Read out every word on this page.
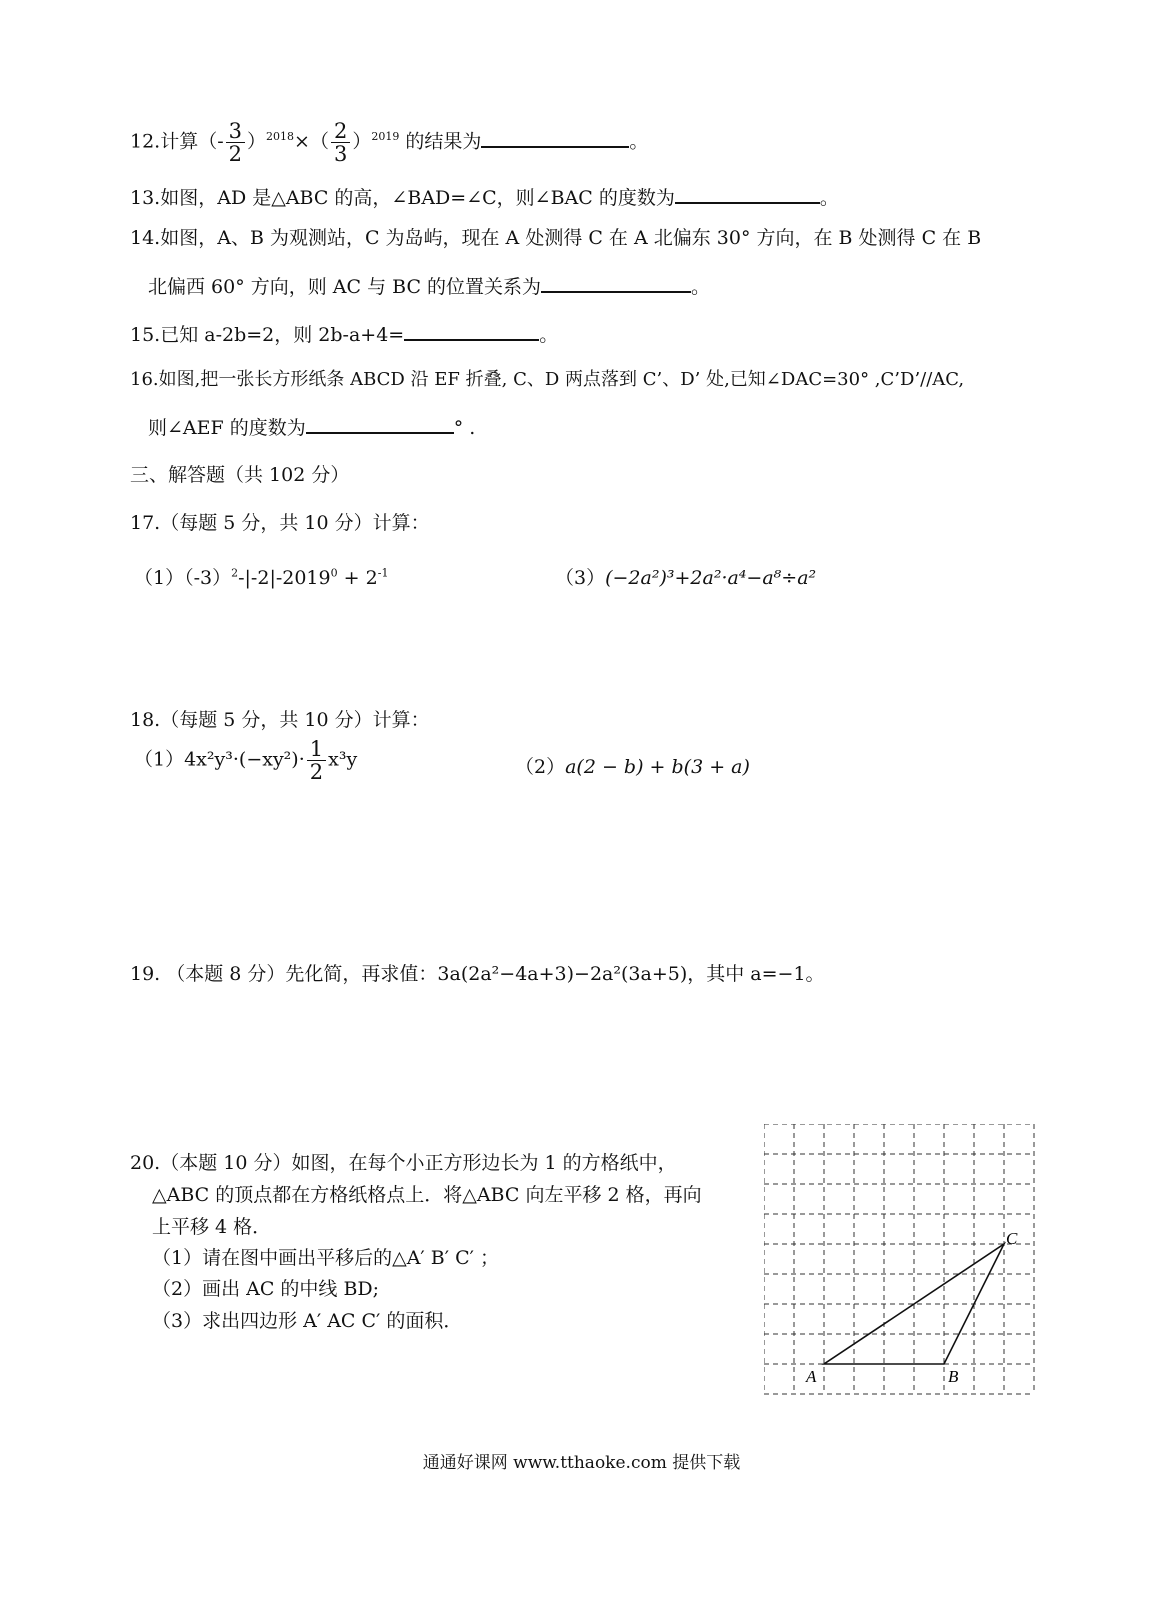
12.计算（- $\frac{3}{2} )^{2018}\times( \frac{2}{3} )^{2019}$ 的结果为	。
13.如图，AD 是△ABC 的高，∠BAD=∠C，则∠BAC 的度数为	。
14.如图，A、B 为观测站，C 为岛屿，现在 A 处测得 C 在 A 北偏东 30° 方向，在 B 处测得 C 在 B
北偏西 60° 方向，则 AC 与 BC 的位置关系为	。
15.已知 a-2b=2，则 2b-a+4=	。
16.如图,把一张长方形纸条 ABCD 沿 EF 折叠, C、D 两点落到 C’、D’ 处,已知∠DAC=30° ,C’D’//AC,
则∠AEF 的度数为	° .
三、解答题（共 102 分）
17.（每题 5 分，共 10 分）计算：
$(1)(-3)^2-|-2|-2019^0 + 2^{-1}$	（3）(−2a²)³+2a²·a⁴−a⁸÷a²
18.（每题 5 分，共 10 分）计算：
$(1)4x^2y^3\cdot(-xy^2)\cdot \frac{1}{2} x^3y$	（2）a(2 − b) + b(3 + a)
19. （本题 8 分）先化简，再求值：3a(2a²−4a+3)−2a²(3a+5)，其中 a=−1。
20.（本题 10 分）如图，在每个小正方形边长为 1 的方格纸中，
△ABC 的顶点都在方格纸格点上．将△ABC 向左平移 2 格，再向
上平移 4 格．
（1）请在图中画出平移后的△A′ B′ C′ ；
（2）画出 AC 的中线 BD;
（3）求出四边形 A′ AC C′ 的面积．
A	B
C
通通好课网 www.tthaoke.com 提供下载
